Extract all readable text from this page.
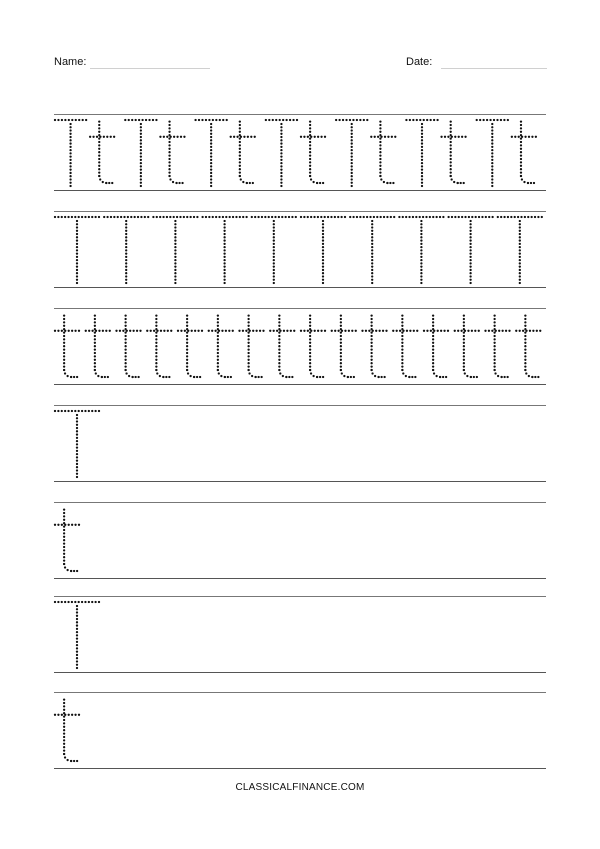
Name:	Date:
CLASSICALFINANCE.COM
